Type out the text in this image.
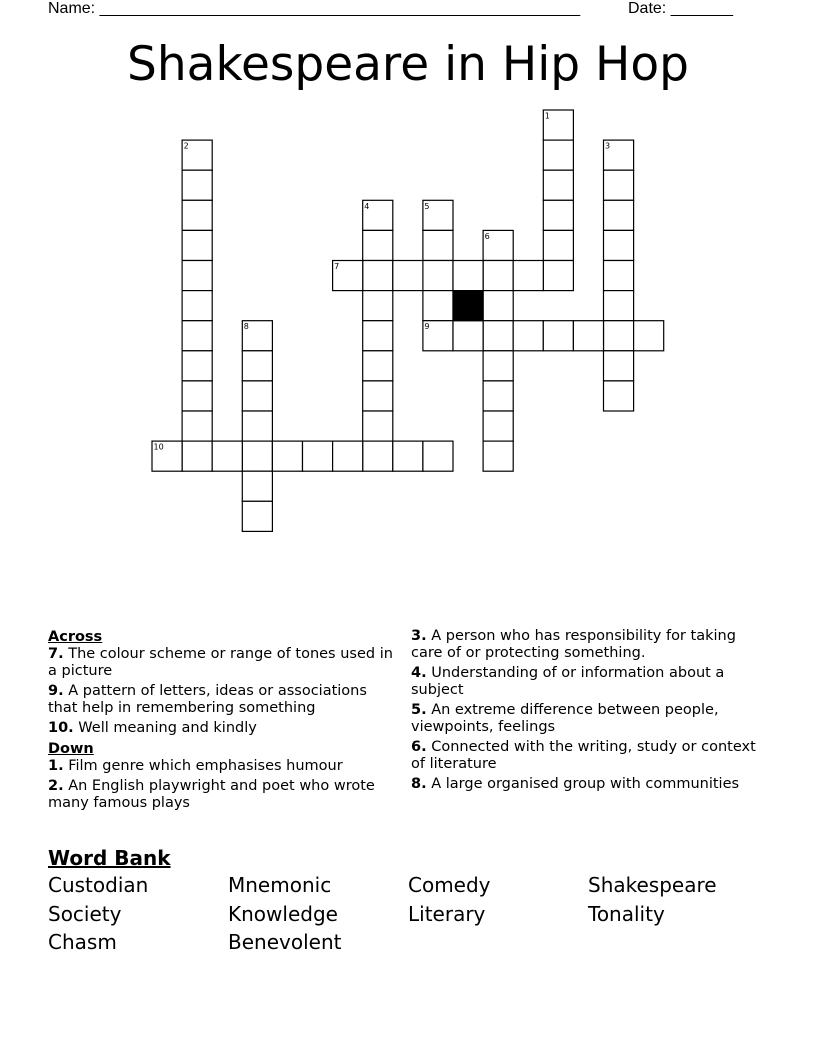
Name: ______________________________________________________	Date: _______
Shakespeare in Hip Hop
1
2	3
4	5
6
7
8	9
10
Across
7. The colour scheme or range of tones used in a picture
9. A pattern of letters, ideas or associations that help in remembering something
10. Well meaning and kindly
Down
1. Film genre which emphasises humour
2. An English playwright and poet who wrote many famous plays
3. A person who has responsibility for taking care of or protecting something.
4. Understanding of or information about a subject
5. An extreme difference between people, viewpoints, feelings
6. Connected with the writing, study or context of literature
8. A large organised group with communities
Word Bank
Custodian	Mnemonic	Comedy	Shakespeare
Society	Knowledge	Literary	Tonality
Chasm	Benevolent
